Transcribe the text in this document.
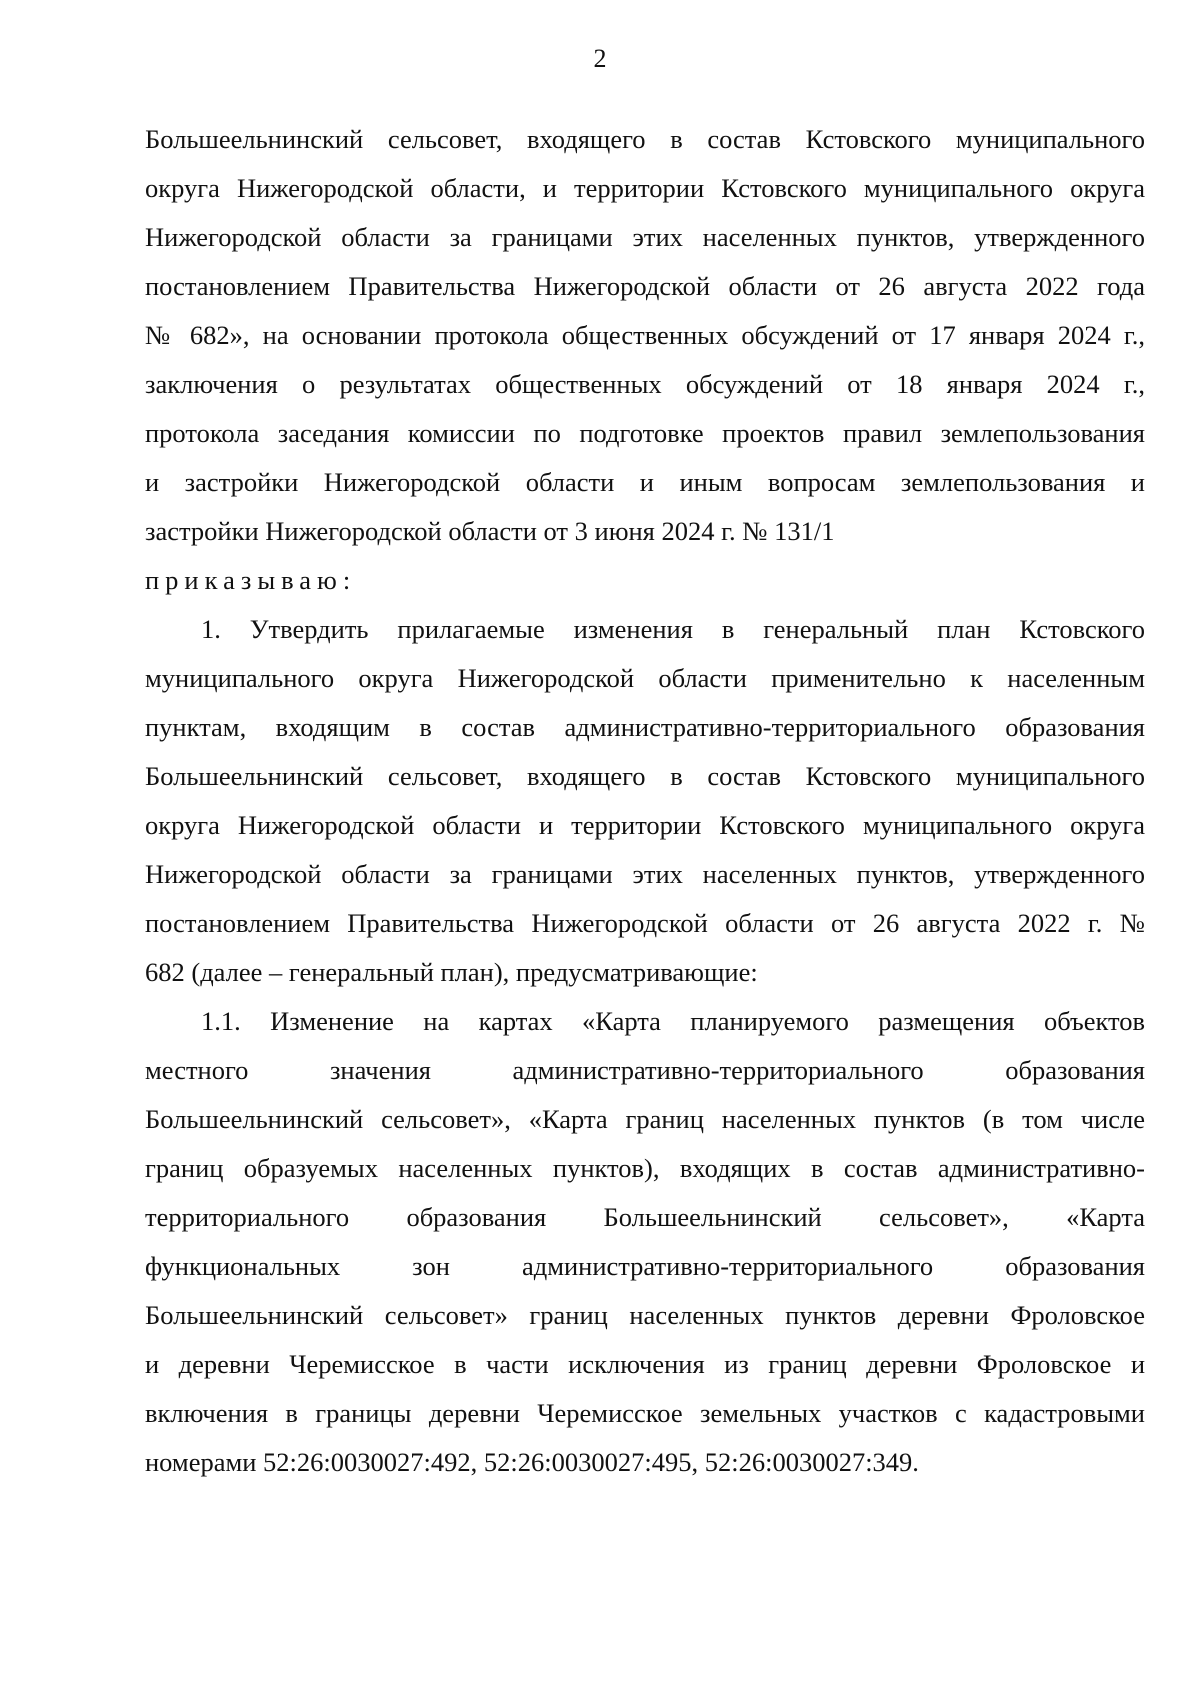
2
Большеельнинский сельсовет, входящего в состав Кстовского муниципального
округа Нижегородской области, и территории Кстовского муниципального округа
Нижегородской области за границами этих населенных пунктов, утвержденного
постановлением Правительства Нижегородской области от 26 августа 2022 года
№ 682», на основании протокола общественных обсуждений от 17 января 2024 г.,
заключения о результатах общественных обсуждений от 18 января 2024 г.,
протокола заседания комиссии по подготовке проектов правил землепользования
и застройки Нижегородской области и иным вопросам землепользования и
застройки Нижегородской области от 3 июня 2024 г. № 131/1
приказываю:
1. Утвердить прилагаемые изменения в генеральный план Кстовского
муниципального округа Нижегородской области применительно к населенным
пунктам, входящим в состав административно-территориального образования
Большеельнинский сельсовет, входящего в состав Кстовского муниципального
округа Нижегородской области и территории Кстовского муниципального округа
Нижегородской области за границами этих населенных пунктов, утвержденного
постановлением Правительства Нижегородской области от 26 августа 2022 г. №
682 (далее – генеральный план), предусматривающие:
1.1. Изменение на картах «Карта планируемого размещения объектов
местного значения административно-территориального образования
Большеельнинский сельсовет», «Карта границ населенных пунктов (в том числе
границ образуемых населенных пунктов), входящих в состав административно-
территориального образования Большеельнинский сельсовет», «Карта
функциональных зон административно-территориального образования
Большеельнинский сельсовет» границ населенных пунктов деревни Фроловское
и деревни Черемисское в части исключения из границ деревни Фроловское и
включения в границы деревни Черемисское земельных участков с кадастровыми
номерами 52:26:0030027:492, 52:26:0030027:495, 52:26:0030027:349.
